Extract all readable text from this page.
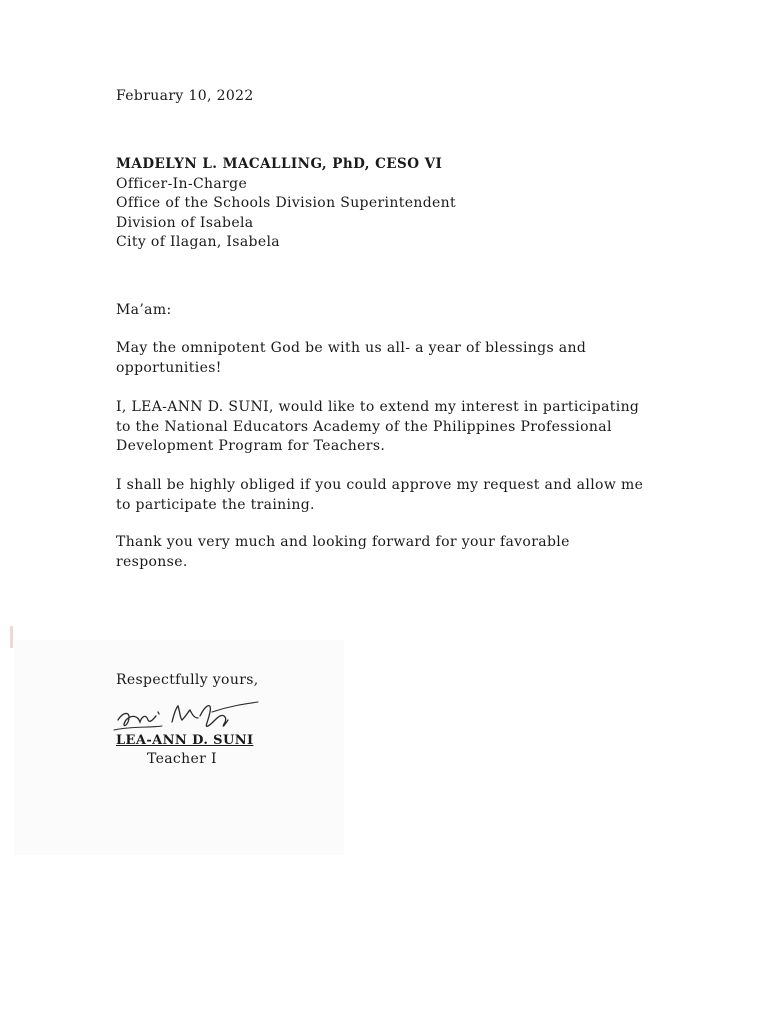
February 10, 2022
MADELYN L. MACALLING, PhD, CESO VI
Officer-In-Charge
Office of the Schools Division Superintendent
Division of Isabela
City of Ilagan, Isabela
Ma’am:
May the omnipotent God be with us all- a year of blessings and
opportunities!
I, LEA-ANN D. SUNI, would like to extend my interest in participating
to the National Educators Academy of the Philippines Professional
Development Program for Teachers.
I shall be highly obliged if you could approve my request and allow me
to participate the training.
Thank you very much and looking forward for your favorable
response.
Respectfully yours,
LEA-ANN D. SUNI
Teacher I
